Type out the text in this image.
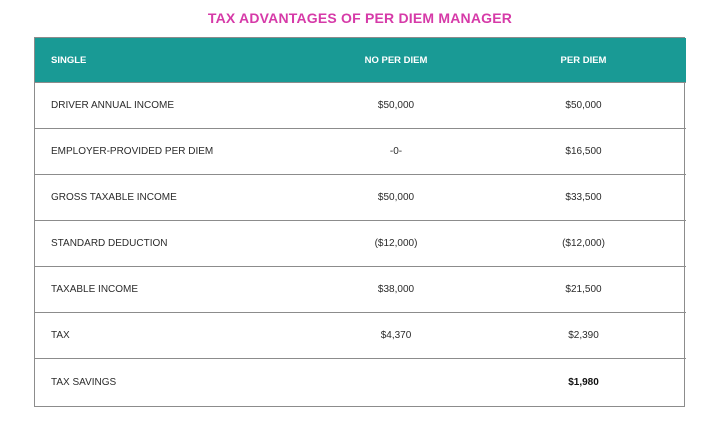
TAX ADVANTAGES OF PER DIEM MANAGER
SINGLE	NO PER DIEM	PER DIEM
DRIVER ANNUAL INCOME	$50,000	$50,000
EMPLOYER-PROVIDED PER DIEM	-0-	$16,500
GROSS TAXABLE INCOME	$50,000	$33,500
STANDARD DEDUCTION	($12,000)	($12,000)
TAXABLE INCOME	$38,000	$21,500
TAX	$4,370	$2,390
TAX SAVINGS		$1,980
